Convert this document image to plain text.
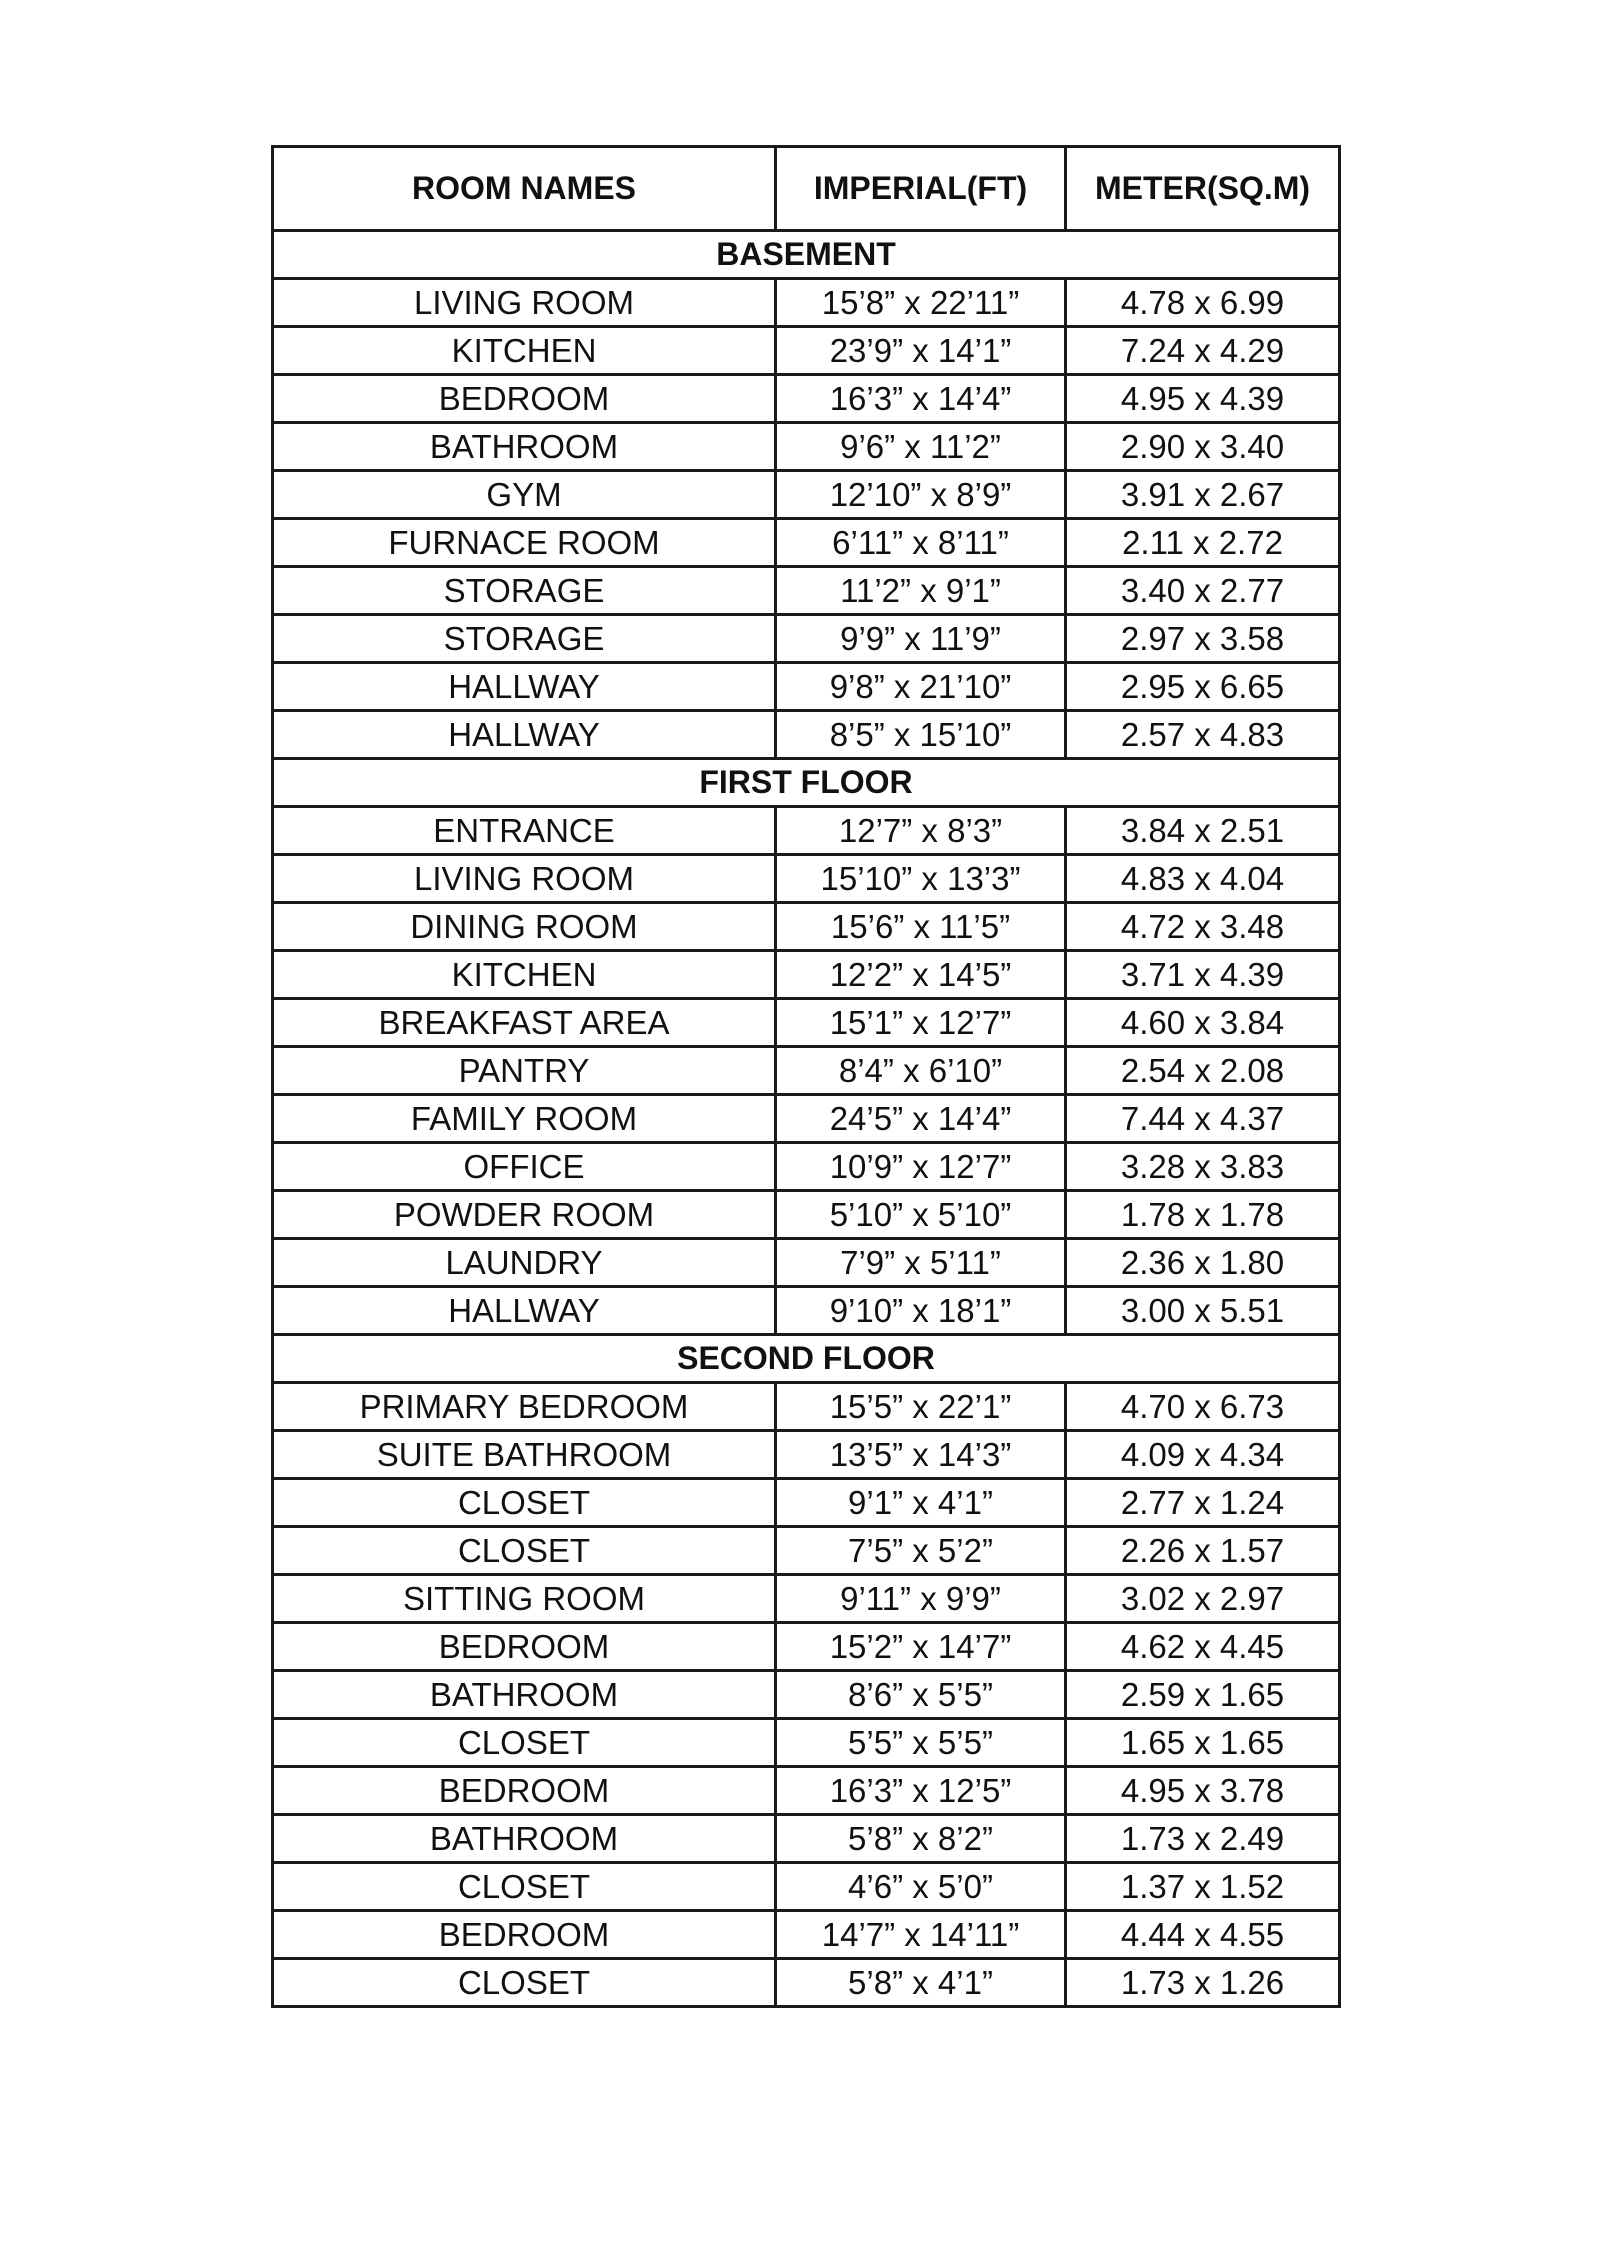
ROOM NAMES	IMPERIAL(FT)	METER(SQ.M)
BASEMENT		
LIVING ROOM	15’8” x 22’11”	4.78 x 6.99
KITCHEN	23’9” x 14’1”	7.24 x 4.29
BEDROOM	16’3” x 14’4”	4.95 x 4.39
BATHROOM	9’6” x 11’2”	2.90 x 3.40
GYM	12’10” x 8’9”	3.91 x 2.67
FURNACE ROOM	6’11” x 8’11”	2.11 x 2.72
STORAGE	11’2” x 9’1”	3.40 x 2.77
STORAGE	9’9” x 11’9”	2.97 x 3.58
HALLWAY	9’8” x 21’10”	2.95 x 6.65
HALLWAY	8’5” x 15’10”	2.57 x 4.83
FIRST FLOOR		
ENTRANCE	12’7” x 8’3”	3.84 x 2.51
LIVING ROOM	15’10” x 13’3”	4.83 x 4.04
DINING ROOM	15’6” x 11’5”	4.72 x 3.48
KITCHEN	12’2” x 14’5”	3.71 x 4.39
BREAKFAST AREA	15’1” x 12’7”	4.60 x 3.84
PANTRY	8’4” x 6’10”	2.54 x 2.08
FAMILY ROOM	24’5” x 14’4”	7.44 x 4.37
OFFICE	10’9” x 12’7”	3.28 x 3.83
POWDER ROOM	5’10” x 5’10”	1.78 x 1.78
LAUNDRY	7’9” x 5’11”	2.36 x 1.80
HALLWAY	9’10” x 18’1”	3.00 x 5.51
SECOND FLOOR		
PRIMARY BEDROOM	15’5” x 22’1”	4.70 x 6.73
SUITE BATHROOM	13’5” x 14’3”	4.09 x 4.34
CLOSET	9’1” x 4’1”	2.77 x 1.24
CLOSET	7’5” x 5’2”	2.26 x 1.57
SITTING ROOM	9’11” x 9’9”	3.02 x 2.97
BEDROOM	15’2” x 14’7”	4.62 x 4.45
BATHROOM	8’6” x 5’5”	2.59 x 1.65
CLOSET	5’5” x 5’5”	1.65 x 1.65
BEDROOM	16’3” x 12’5”	4.95 x 3.78
BATHROOM	5’8” x 8’2”	1.73 x 2.49
CLOSET	4’6” x 5’0”	1.37 x 1.52
BEDROOM	14’7” x 14’11”	4.44 x 4.55
CLOSET	5’8” x 4’1”	1.73 x 1.26
